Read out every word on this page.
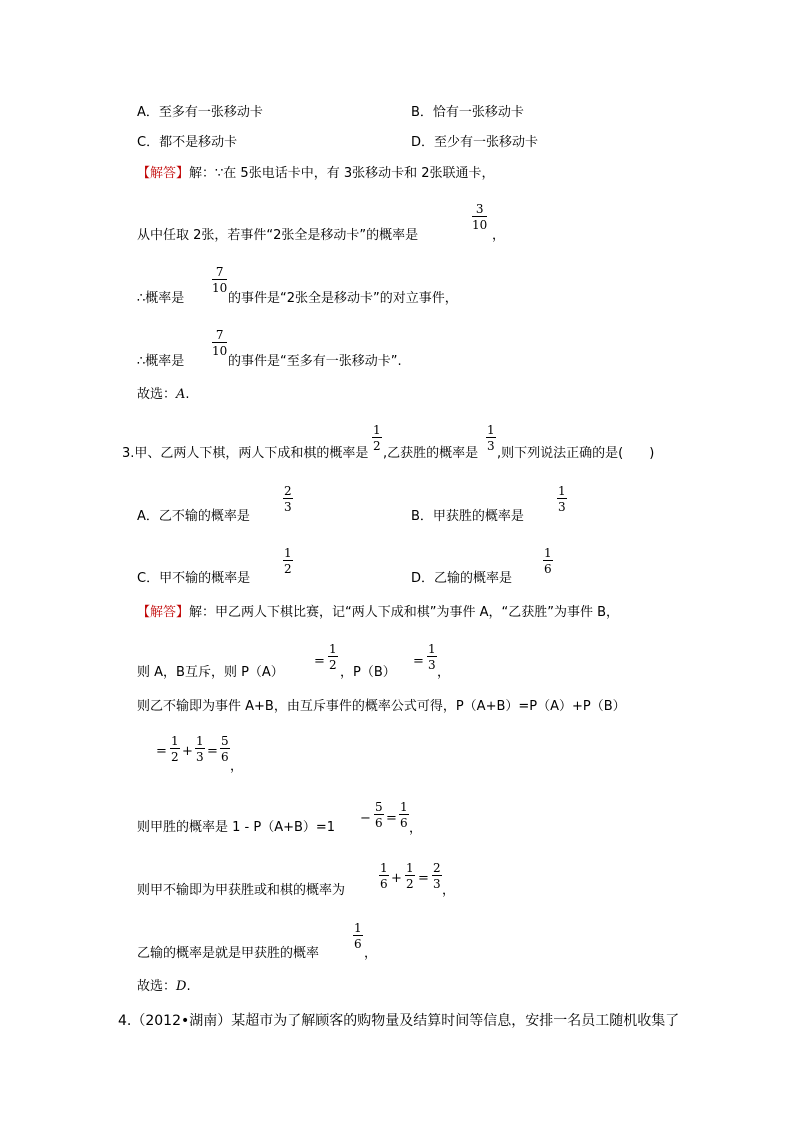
A．至多有一张移动卡	B．恰有一张移动卡
C．都不是移动卡	D．至少有一张移动卡
【解答】解：∵在 5张电话卡中，有 3张移动卡和 2张联通卡，
从中任取 2张，若事件“2张全是移动卡”的概率是
3
10
，
∴概率是
7
10
的事件是“2张全是移动卡”的对立事件，
∴概率是
7
10
的事件是“至多有一张移动卡”.
故选：A.
3.甲、乙两人下棋，两人下成和棋的概率是
1
2 ,乙获胜的概率是
1
3 ,则下列说法正确的是(　　)
A．乙不输的概率是
2
3
B．甲获胜的概率是
1
3
C．甲不输的概率是
1
2
D．乙输的概率是
1
6
【解答】解：甲乙两人下棋比赛，记“两人下成和棋”为事件 A，“乙获胜”为事件 B，
则 A，B互斥，则 P（A）
=
1
2 ，P（B）
=
1
3 ，
则乙不输即为事件 A+B，由互斥事件的概率公式可得，P（A+B）=P（A）+P（B）
=
1
2 +
1
3 =
5
6
，
则甲胜的概率是 1 - P（A+B）=1
−
5
6 =
1
6 ，
则甲不输即为甲获胜或和棋的概率为
1
6 +
1
2 =
2
3 ，
乙输的概率是就是甲获胜的概率
1
6
，
故选：D.
4.（2012•湖南）某超市为了解顾客的购物量及结算时间等信息，安排一名员工随机收集了
